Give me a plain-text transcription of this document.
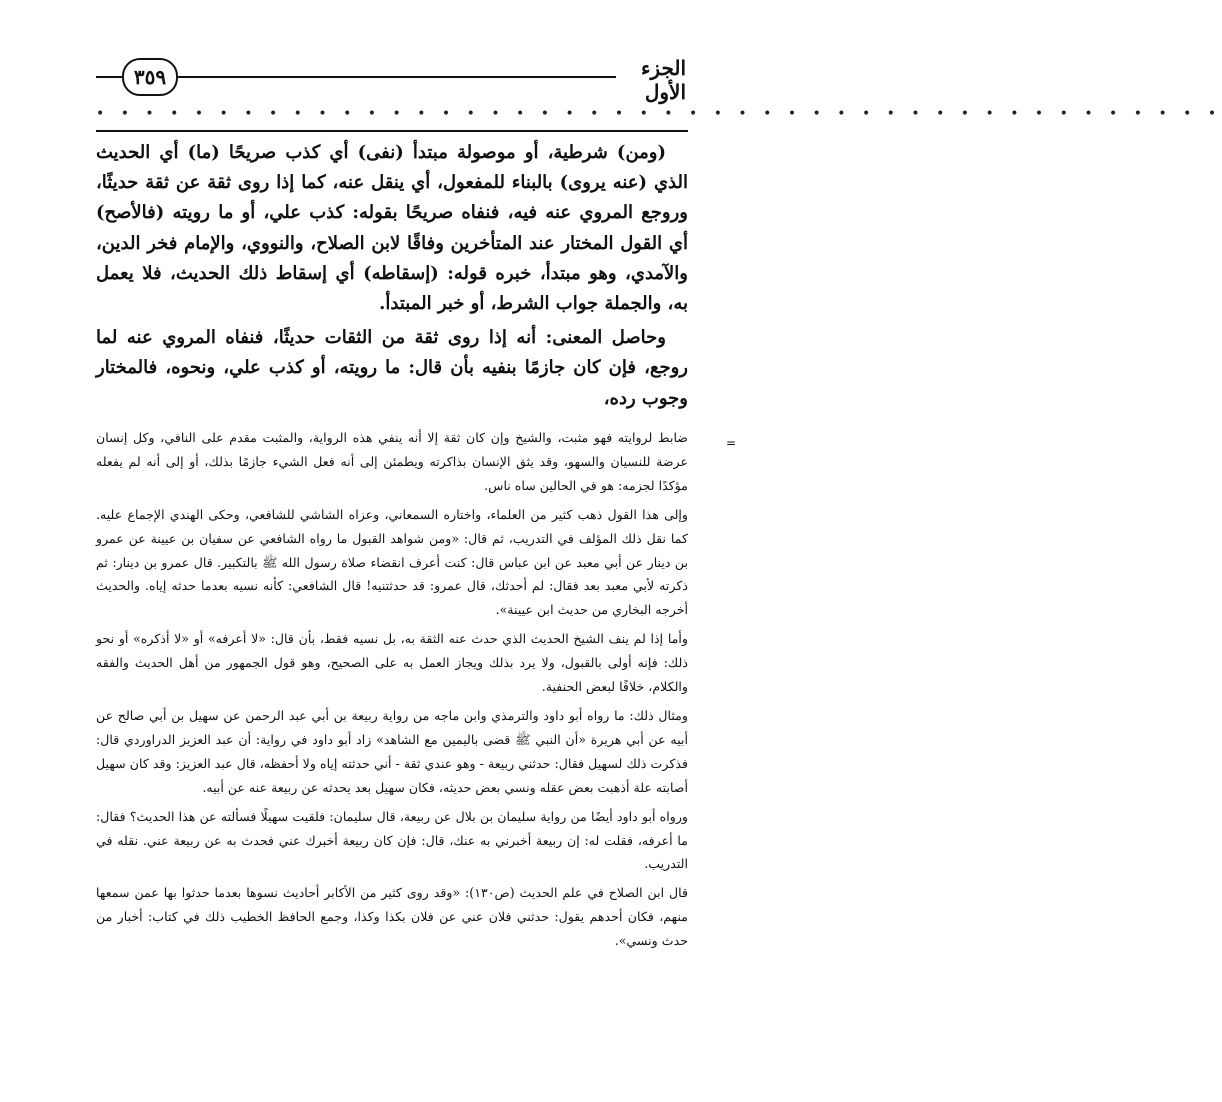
٣٥٩	الجزء الأول
• • • • • • • • • • • • • • • • • • • • • • • • • • • • • • • • • • • • • • • • • • • • • •

(ومن) شرطية، أو موصولة مبتدأ (نفى) أي كذب صريحًا (ما) أي الحديث الذي (عنه يروى) بالبناء للمفعول، أي ينقل عنه، كما إذا روى ثقة عن ثقة حديثًا، وروجع المروي عنه فيه، فنفاه صريحًا بقوله: كذب علي، أو ما رويته (فالأصح) أي القول المختار عند المتأخرين وفاقًا لابن الصلاح، والنووي، والإمام فخر الدين، والآمدي، وهو مبتدأ، خبره قوله: (إسقاطه) أي إسقاط ذلك الحديث، فلا يعمل به، والجملة جواب الشرط، أو خبر المبتدأ.

وحاصل المعنى: أنه إذا روى ثقة من الثقات حديثًا، فنفاه المروي عنه لما روجع، فإن كان جازمًا بنفيه بأن قال: ما رويته، أو كذب علي، ونحوه، فالمختار وجوب رده،

=

ضابط لروايته فهو مثبت، والشيخ وإن كان ثقة إلا أنه ينفي هذه الرواية، والمثبت مقدم على النافي، وكل إنسان عرضة للنسيان والسهو، وقد يثق الإنسان بذاكرته ويطمئن إلى أنه فعل الشيء جازمًا بذلك، أو إلى أنه لم يفعله مؤكدًا لجزمه: هو في الحالين ساه ناس.

وإلى هذا القول ذهب كثير من العلماء، واختاره السمعاني، وعزاه الشاشي للشافعي، وحكى الهندي الإجماع عليه. كما نقل ذلك المؤلف في التدريب، ثم قال: «ومن شواهد القبول ما رواه الشافعي عن سفيان بن عيينة عن عمرو بن دينار عن أبي معبد عن ابن عباس قال: كنت أعرف انقضاء صلاة رسول الله ﷺ بالتكبير. قال عمرو بن دينار: ثم ذكرته لأبي معبد بعد فقال: لم أحدثك، قال عمرو: قد حدثتنيه! قال الشافعي: كأنه نسيه بعدما حدثه إياه. والحديث أخرجه البخاري من حديث ابن عيينة».

وأما إذا لم ينف الشيخ الحديث الذي حدث عنه الثقة به، بل نسيه فقط، بأن قال: «لا أعرفه» أو «لا أذكره» أو نحو ذلك: فإنه أولى بالقبول، ولا يرد بذلك ويجاز العمل به على الصحيح، وهو قول الجمهور من أهل الحديث والفقه والكلام، خلافًا لبعض الحنفية.

ومثال ذلك: ما رواه أبو داود والترمذي وابن ماجه من رواية ربيعة بن أبي عبد الرحمن عن سهيل بن أبي صالح عن أبيه عن أبي هريرة «أن النبي ﷺ قضى باليمين مع الشاهد» زاد أبو داود في رواية: أن عبد العزيز الدراوردي قال: فذكرت ذلك لسهيل فقال: حدثني ربيعة - وهو عندي ثقة - أني حدثته إياه ولا أحفظه، قال عبد العزيز: وقد كان سهيل أصابته علة أذهبت بعض عقله ونسي بعض حديثه، فكان سهيل بعد يحدثه عن ربيعة عنه عن أبيه.

ورواه أبو داود أيضًا من رواية سليمان بن بلال عن ربيعة، قال سليمان: فلقيت سهيلًا فسألته عن هذا الحديث؟ فقال: ما أعرفه، فقلت له: إن ربيعة أخبرني به عنك، قال: فإن كان ربيعة أخبرك عني فحدث به عن ربيعة عني. نقله في التدريب.

قال ابن الصلاح في علم الحديث (ص١٣٠): «وقد روى كثير من الأكابر أحاديث نسوها بعدما حدثوا بها عمن سمعها منهم، فكان أحدهم يقول: حدثني فلان عني عن فلان بكذا وكذا، وجمع الحافظ الخطيب ذلك في كتاب: أخبار من حدث ونسي».
